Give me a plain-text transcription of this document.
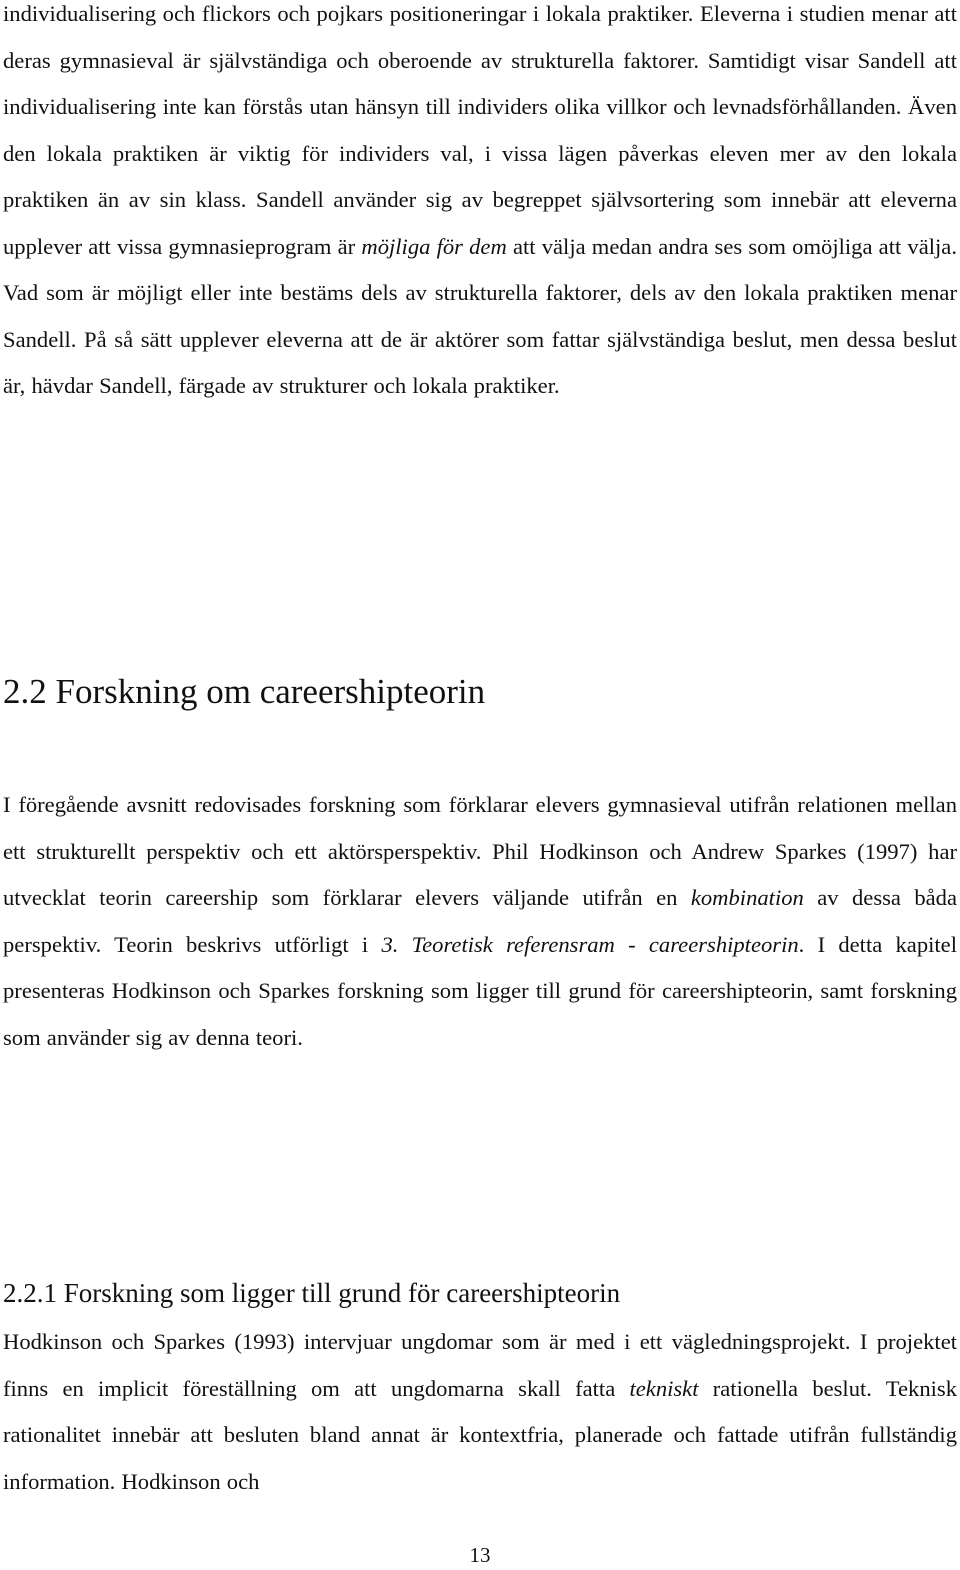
individualisering och flickors och pojkars positioneringar i lokala praktiker. Eleverna i studien menar att deras gymnasieval är självständiga och oberoende av strukturella faktorer. Samtidigt visar Sandell att individualisering inte kan förstås utan hänsyn till individers olika villkor och levnadsförhållanden. Även den lokala praktiken är viktig för individers val, i vissa lägen påverkas eleven mer av den lokala praktiken än av sin klass. Sandell använder sig av begreppet självsortering som innebär att eleverna upplever att vissa gymnasieprogram är möjliga för dem att välja medan andra ses som omöjliga att välja. Vad som är möjligt eller inte bestäms dels av strukturella faktorer, dels av den lokala praktiken menar Sandell. På så sätt upplever eleverna att de är aktörer som fattar självständiga beslut, men dessa beslut är, hävdar Sandell, färgade av strukturer och lokala praktiker.

2.2 Forskning om careershipteorin

I föregående avsnitt redovisades forskning som förklarar elevers gymnasieval utifrån relationen mellan ett strukturellt perspektiv och ett aktörsperspektiv. Phil Hodkinson och Andrew Sparkes (1997) har utvecklat teorin careership som förklarar elevers väljande utifrån en kombination av dessa båda perspektiv. Teorin beskrivs utförligt i 3. Teoretisk referensram - careershipteorin. I detta kapitel presenteras Hodkinson och Sparkes forskning som ligger till grund för careershipteorin, samt forskning som använder sig av denna teori.

2.2.1 Forskning som ligger till grund för careershipteorin

Hodkinson och Sparkes (1993) intervjuar ungdomar som är med i ett vägledningsprojekt. I projektet finns en implicit föreställning om att ungdomarna skall fatta tekniskt rationella beslut. Teknisk rationalitet innebär att besluten bland annat är kontextfria, planerade och fattade utifrån fullständig information. Hodkinson och

13
